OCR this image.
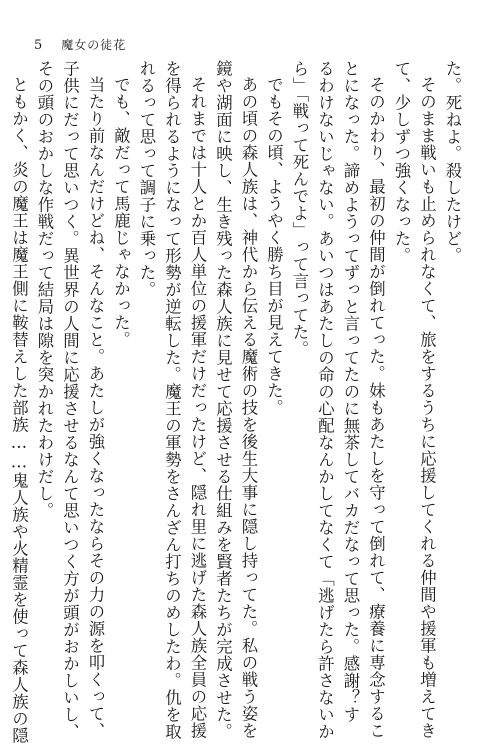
5 魔女の徒花
た。死ねよ。殺したけど。
そのまま戦いも止められなくて、旅をするうちに応援してくれる仲間や援軍も増えてき
て、少しずつ強くなった。
そのかわり、最初の仲間が倒れてった。妹もあたしを守って倒れて、療養に専念するこ
とになった。諦めようってずっと言ってたのに無茶してバカだなって思った。感謝？す
るわけないじゃない。あいつはあたしの命の心配なんかしてなくて「逃げたら許さないか
ら」「戦って死んでよ」って言ってた。
でもその頃、ようやく勝ち目が見えてきた。
あの頃の森人族は、神代から伝える魔術の技を後生大事に隠し持ってた。私の戦う姿を
鏡や湖面に映し、生き残った森人族に見せて応援させる仕組みを賢者たちが完成させた。
それまでは十人とか百人単位の援軍だけだったけど、隠れ里に逃げた森人族全員の応援
を得られるようになって形勢が逆転した。魔王の軍勢をさんざん打ちのめしたわ。仇を取
れるって思って調子に乗った。
でも、敵だって馬鹿じゃなかった。
当たり前なんだけどね、そんなこと。あたしが強くなったならその力の源を叩くって、
子供にだって思いつく。異世界の人間に応援させるなんて思いつく方が頭がおかしいし、
その頭のおかしな作戦だって結局は隙を突かれたわけだし。
ともかく、炎の魔王は魔王側に鞍替えした部族……鬼人族や火精霊を使って森人族の隠
